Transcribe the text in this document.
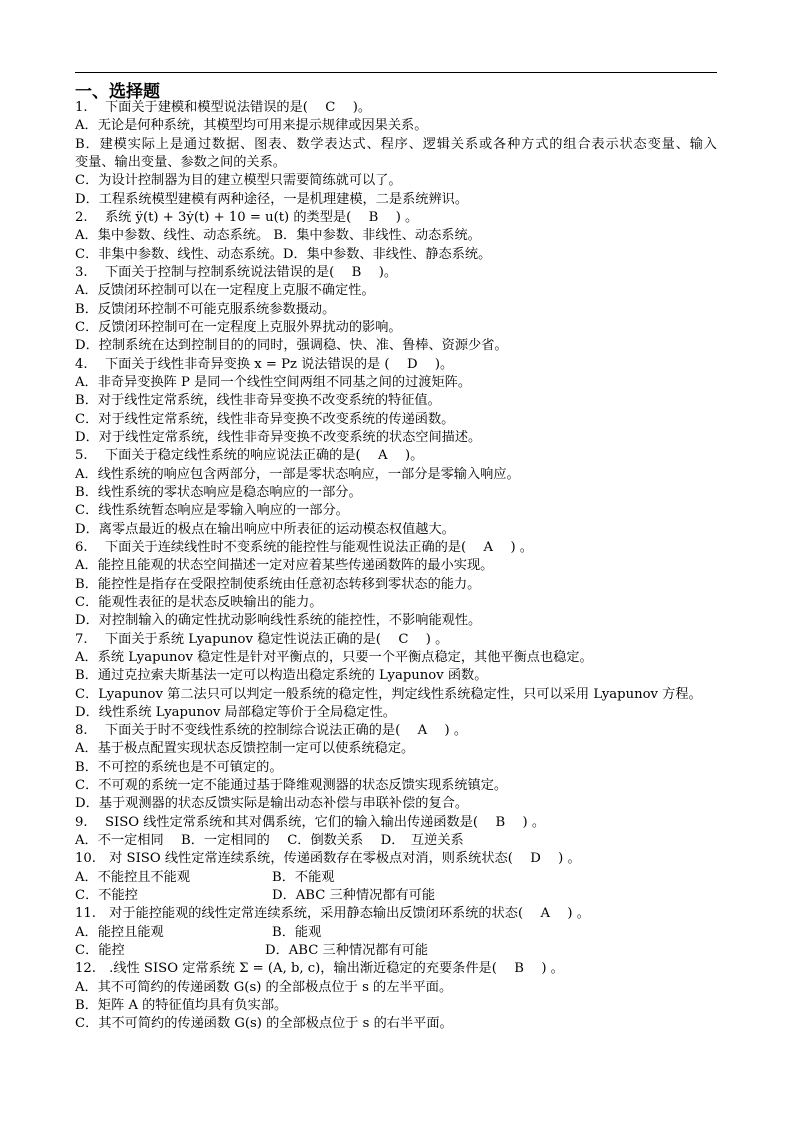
一、选择题
1.　 下面关于建模和模型说法错误的是(　 C　 )。
A．无论是何种系统，其模型均可用来提示规律或因果关系。
B．建模实际上是通过数据、图表、数学表达式、程序、逻辑关系或各种方式的组合表示状态变量、输入
变量、输出变量、参数之间的关系。
C．为设计控制器为目的建立模型只需要简练就可以了。
D．工程系统模型建模有两种途径，一是机理建模，二是系统辨识。
2.　 系统 ÿ(t) + 3ẏ(t) + 10 = u(t) 的类型是(　 B　 ) 。
A．集中参数、线性、动态系统。 B．集中参数、非线性、动态系统。
C．非集中参数、线性、动态系统。D．集中参数、非线性、静态系统。
3.　 下面关于控制与控制系统说法错误的是(　 B　 )。
A．反馈闭环控制可以在一定程度上克服不确定性。
B．反馈闭环控制不可能克服系统参数摄动。
C．反馈闭环控制可在一定程度上克服外界扰动的影响。
D．控制系统在达到控制目的的同时，强调稳、快、准、鲁棒、资源少省。
4.　 下面关于线性非奇异变换 x = Pz 说法错误的是 (　 D　 )。
A．非奇异变换阵 P 是同一个线性空间两组不同基之间的过渡矩阵。
B．对于线性定常系统，线性非奇异变换不改变系统的特征值。
C．对于线性定常系统，线性非奇异变换不改变系统的传递函数。
D．对于线性定常系统，线性非奇异变换不改变系统的状态空间描述。
5.　 下面关于稳定线性系统的响应说法正确的是(　 A　 )。
A．线性系统的响应包含两部分，一部是零状态响应，一部分是零输入响应。
B．线性系统的零状态响应是稳态响应的一部分。
C．线性系统暂态响应是零输入响应的一部分。
D．离零点最近的极点在输出响应中所表征的运动模态权值越大。
6.　 下面关于连续线性时不变系统的能控性与能观性说法正确的是(　 A　 ) 。
A．能控且能观的状态空间描述一定对应着某些传递函数阵的最小实现。
B．能控性是指存在受限控制使系统由任意初态转移到零状态的能力。
C．能观性表征的是状态反映输出的能力。
D．对控制输入的确定性扰动影响线性系统的能控性，不影响能观性。
7.　 下面关于系统 Lyapunov 稳定性说法正确的是(　 C　 ) 。
A．系统 Lyapunov 稳定性是针对平衡点的，只要一个平衡点稳定，其他平衡点也稳定。
B．通过克拉索夫斯基法一定可以构造出稳定系统的 Lyapunov 函数。
C．Lyapunov 第二法只可以判定一般系统的稳定性，判定线性系统稳定性，只可以采用 Lyapunov 方程。
D．线性系统 Lyapunov 局部稳定等价于全局稳定性。
8.　 下面关于时不变线性系统的控制综合说法正确的是(　 A　 ) 。
A．基于极点配置实现状态反馈控制一定可以使系统稳定。
B．不可控的系统也是不可镇定的。
C．不可观的系统一定不能通过基于降维观测器的状态反馈实现系统镇定。
D．基于观测器的状态反馈实际是输出动态补偿与串联补偿的复合。
9.　 SISO 线性定常系统和其对偶系统，它们的输入输出传递函数是(　 B　 ) 。
A．不一定相同　 B．一定相同的　 C．倒数关系　 D．　互逆关系
10.　对 SISO 线性定常连续系统，传递函数存在零极点对消，则系统状态(　 D　 ) 。
A．不能控且不能观	B．不能观
C．不能控	D．ABC 三种情况都有可能
11.　对于能控能观的线性定常连续系统，采用静态输出反馈闭环系统的状态(　 A　 ) 。
A．能控且能观	B．能观
C．能控	D．ABC 三种情况都有可能
12.　.线性 SISO 定常系统 Σ = (A, b, c)，输出渐近稳定的充要条件是(　 B　 ) 。
A．其不可简约的传递函数 G(s) 的全部极点位于 s 的左半平面。
B．矩阵 A 的特征值均具有负实部。
C．其不可简约的传递函数 G(s) 的全部极点位于 s 的右半平面。
